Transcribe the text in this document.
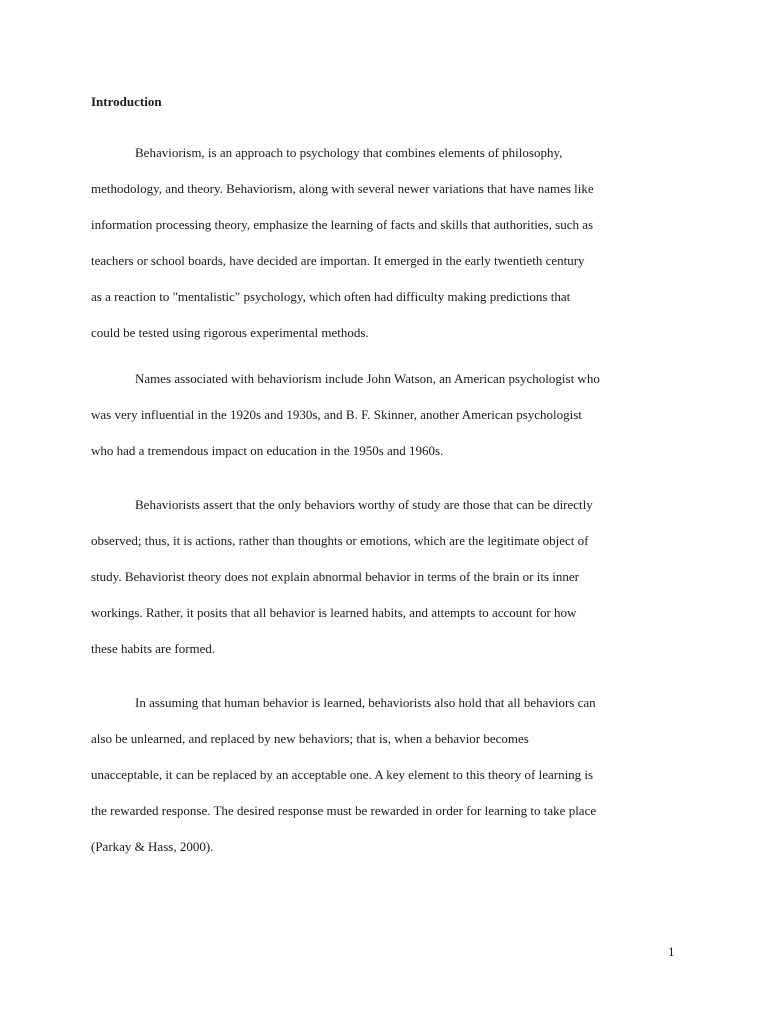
Introduction

Behaviorism, is an approach to psychology that combines elements of philosophy,
methodology, and theory. Behaviorism, along with several newer variations that have names like
information processing theory, emphasize the learning of facts and skills that authorities, such as
teachers or school boards, have decided are importan. It emerged in the early twentieth century
as a reaction to "mentalistic" psychology, which often had difficulty making predictions that
could be tested using rigorous experimental methods.

Names associated with behaviorism include John Watson, an American psychologist who
was very influential in the 1920s and 1930s, and B. F. Skinner, another American psychologist
who had a tremendous impact on education in the 1950s and 1960s.

Behaviorists assert that the only behaviors worthy of study are those that can be directly
observed; thus, it is actions, rather than thoughts or emotions, which are the legitimate object of
study. Behaviorist theory does not explain abnormal behavior in terms of the brain or its inner
workings. Rather, it posits that all behavior is learned habits, and attempts to account for how
these habits are formed.

In assuming that human behavior is learned, behaviorists also hold that all behaviors can
also be unlearned, and replaced by new behaviors; that is, when a behavior becomes
unacceptable, it can be replaced by an acceptable one. A key element to this theory of learning is
the rewarded response. The desired response must be rewarded in order for learning to take place
(Parkay & Hass, 2000).

1
